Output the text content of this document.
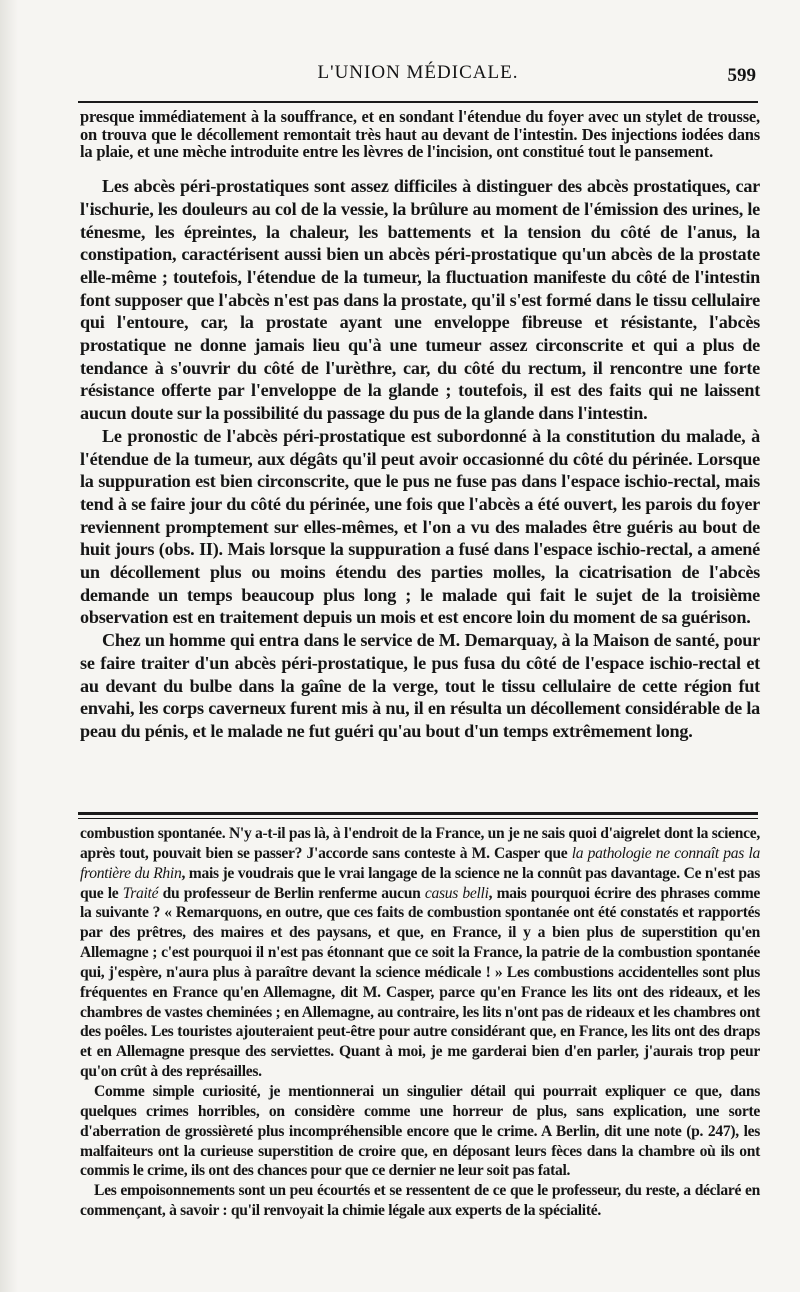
L'UNION MÉDICALE.	599

presque immédiatement à la souffrance, et en sondant l'étendue du foyer avec un stylet de trousse, on trouva que le décollement remontait très haut au devant de l'intestin. Des injections iodées dans la plaie, et une mèche introduite entre les lèvres de l'incision, ont constitué tout le pansement.

Les abcès péri-prostatiques sont assez difficiles à distinguer des abcès prostatiques, car l'ischurie, les douleurs au col de la vessie, la brûlure au moment de l'émission des urines, le ténesme, les épreintes, la chaleur, les battements et la tension du côté de l'anus, la constipation, caractérisent aussi bien un abcès péri-prostatique qu'un abcès de la prostate elle-même ; toutefois, l'étendue de la tumeur, la fluctuation manifeste du côté de l'intestin font supposer que l'abcès n'est pas dans la prostate, qu'il s'est formé dans le tissu cellulaire qui l'entoure, car, la prostate ayant une enveloppe fibreuse et résistante, l'abcès prostatique ne donne jamais lieu qu'à une tumeur assez circonscrite et qui a plus de tendance à s'ouvrir du côté de l'urèthre, car, du côté du rectum, il rencontre une forte résistance offerte par l'enveloppe de la glande ; toutefois, il est des faits qui ne laissent aucun doute sur la possibilité du passage du pus de la glande dans l'intestin.

Le pronostic de l'abcès péri-prostatique est subordonné à la constitution du malade, à l'étendue de la tumeur, aux dégâts qu'il peut avoir occasionné du côté du périnée. Lorsque la suppuration est bien circonscrite, que le pus ne fuse pas dans l'espace ischio-rectal, mais tend à se faire jour du côté du périnée, une fois que l'abcès a été ouvert, les parois du foyer reviennent promptement sur elles-mêmes, et l'on a vu des malades être guéris au bout de huit jours (obs. II). Mais lorsque la suppuration a fusé dans l'espace ischio-rectal, a amené un décollement plus ou moins étendu des parties molles, la cicatrisation de l'abcès demande un temps beaucoup plus long ; le malade qui fait le sujet de la troisième observation est en traitement depuis un mois et est encore loin du moment de sa guérison.

Chez un homme qui entra dans le service de M. Demarquay, à la Maison de santé, pour se faire traiter d'un abcès péri-prostatique, le pus fusa du côté de l'espace ischio-rectal et au devant du bulbe dans la gaîne de la verge, tout le tissu cellulaire de cette région fut envahi, les corps caverneux furent mis à nu, il en résulta un décollement considérable de la peau du pénis, et le malade ne fut guéri qu'au bout d'un temps extrêmement long.

combustion spontanée. N'y a-t-il pas là, à l'endroit de la France, un je ne sais quoi d'aigrelet dont la science, après tout, pouvait bien se passer? J'accorde sans conteste à M. Casper que la pathologie ne connaît pas la frontière du Rhin, mais je voudrais que le vrai langage de la science ne la connût pas davantage. Ce n'est pas que le Traité du professeur de Berlin renferme aucun casus belli, mais pourquoi écrire des phrases comme la suivante ? « Remarquons, en outre, que ces faits de combustion spontanée ont été constatés et rapportés par des prêtres, des maires et des paysans, et que, en France, il y a bien plus de superstition qu'en Allemagne ; c'est pourquoi il n'est pas étonnant que ce soit la France, la patrie de la combustion spontanée qui, j'espère, n'aura plus à paraître devant la science médicale ! » Les combustions accidentelles sont plus fréquentes en France qu'en Allemagne, dit M. Casper, parce qu'en France les lits ont des rideaux, et les chambres de vastes cheminées ; en Allemagne, au contraire, les lits n'ont pas de rideaux et les chambres ont des poêles. Les touristes ajouteraient peut-être pour autre considérant que, en France, les lits ont des draps et en Allemagne presque des serviettes. Quant à moi, je me garderai bien d'en parler, j'aurais trop peur qu'on crût à des représailles.

Comme simple curiosité, je mentionnerai un singulier détail qui pourrait expliquer ce que, dans quelques crimes horribles, on considère comme une horreur de plus, sans explication, une sorte d'aberration de grossièreté plus incompréhensible encore que le crime. A Berlin, dit une note (p. 247), les malfaiteurs ont la curieuse superstition de croire que, en déposant leurs fèces dans la chambre où ils ont commis le crime, ils ont des chances pour que ce dernier ne leur soit pas fatal.

Les empoisonnements sont un peu écourtés et se ressentent de ce que le professeur, du reste, a déclaré en commençant, à savoir : qu'il renvoyait la chimie légale aux experts de la spécialité.
